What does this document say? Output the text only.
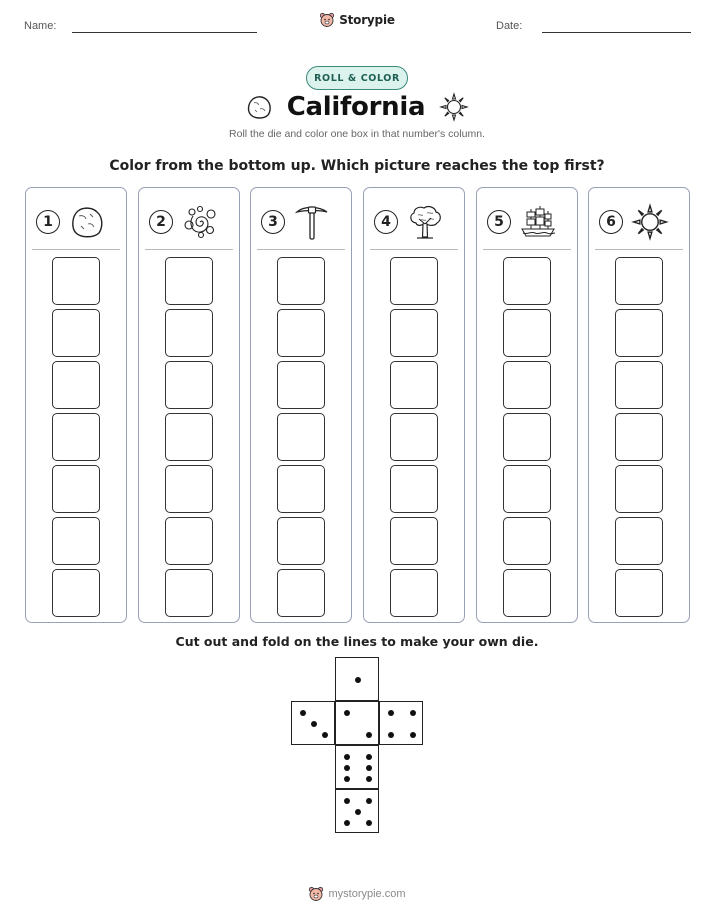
Name:	Date:
Storypie
ROLL & COLOR
California
Roll the die and color one box in that number's column.
Color from the bottom up. Which picture reaches the top first?
1	2	3	4	5	6
Cut out and fold on the lines to make your own die.
mystorypie.com
